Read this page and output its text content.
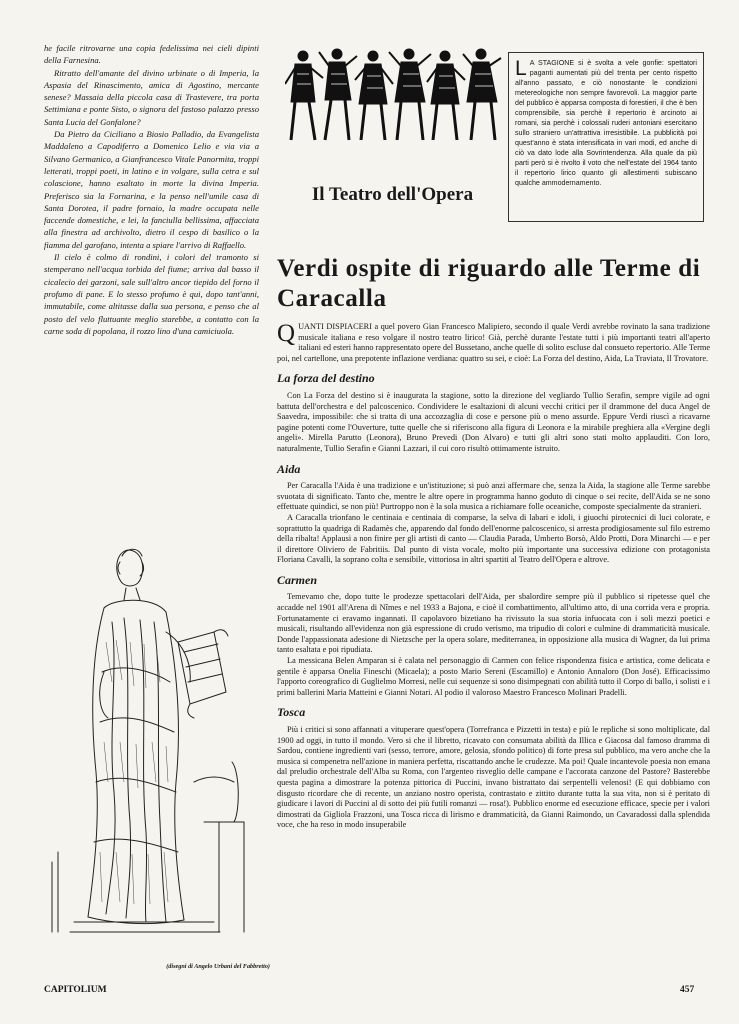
he facile ritrovarne una copia fedelissima nei cieli dipinti della Farnesina.

Ritratto dell'amante del divino urbinate o di Imperia, la Aspasia del Rinascimento, amica di Agostino, mercante senese? Massaia della piccola casa di Trastevere, tra porta Settimiana e ponte Sisto, o signora del fastoso palazzo presso Santa Lucia del Gonfalone?

Da Pietro da Ciciliano a Biosio Palladio, da Evangelista Maddaleno a Capodiferro a Domenico Lelio e via via a Silvano Germanico, a Gianfrancesco Vitale Panormita, troppi letterati, troppi poeti, in latino e in volgare, sulla cetra e sul colascione, hanno esaltato in morte la divina Imperia. Preferisco sia la Fornarina, e la penso nell'umile casa di Santa Dorotea, il padre fornaio, la madre occupata nelle faccende domestiche, e lei, la fanciulla bellissima, affacciata alla finestra ad archivolto, dietro il cespo di basilico o la fiamma del garofano, intenta a spiare l'arrivo di Raffaello.

Il cielo è colmo di rondini, i colori del tramonto si stemperano nell'acqua torbida del fiume; arriva dal basso il cicalecio dei garzoni, sale sull'altro ancor tiepido del forno il profumo di pane. E lo stesso profumo è qui, dopo tant'anni, immutabile, come altitasse dalla sua persona, e penso che al posto del velo fluttuante meglio starebbe, a contatto con la carne soda di popolana, il rozzo lino d'una camiciuola.

(disegni di Angelo Urbani del Fabbretto)
L A STAGIONE si è svolta a vele gonfie: spettatori paganti aumentati più del trenta per cento rispetto all'anno passato, e ciò nonostante le condizioni metereologiche non sempre favorevoli. La maggior parte del pubblico è apparsa composta di forestieri, il che è ben comprensibile, sia perchè il repertorio è arcinoto ai romani, sia perchè i colossali ruderi antoniani esercitano sullo straniero un'attrattiva irresistibile. La pubblicità poi quest'anno è stata intensificata in vari modi, ed anche di ciò va dato lode alla Sovrintendenza. Alla quale da più parti però si è rivolto il voto che nell'estate del 1964 tanto il repertorio lirico quanto gli allestimenti subiscano qualche ammodernamento.
Il Teatro dell'Opera
Verdi ospite di riguardo alle Terme di Caracalla

QUANTI DISPIACERI a quel povero Gian Francesco Malipiero, secondo il quale Verdi avrebbe rovinato la sana tradizione musicale italiana e reso volgare il nostro teatro lirico! Già, perchè durante l'estate tutti i più importanti teatri all'aperto italiani ed esteri hanno rappresentato opere del Bussetano, anche quelle di solito escluse dal consueto repertorio. Alle Terme poi, nel cartellone, una prepotente inflazione verdiana: quattro su sei, e cioè: La Forza del destino, Aida, La Traviata, Il Trovatore.

La forza del destino

Con La Forza del destino si è inaugurata la stagione, sotto la direzione del vegliardo Tullio Serafin, sempre vigile ad ogni battuta dell'orchestra e del palcoscenico. Condividere le esaltazioni di alcuni vecchi critici per il drammone del duca Angel de Saavedra, impossibile: che si tratta di una accozzaglia di cose e persone più o meno assurde. Eppure Verdi riuscì a ricavarne pagine potenti come l'Ouverture, tutte quelle che si riferiscono alla figura di Leonora e la mirabile preghiera alla «Vergine degli angeli». Mirella Parutto (Leonora), Bruno Prevedi (Don Alvaro) e tutti gli altri sono stati molto applauditi. Con loro, naturalmente, Tullio Serafin e Gianni Lazzari, il cui coro risultò ottimamente istruito.

Aida

Per Caracalla l'Aida è una tradizione e un'istituzione; si può anzi affermare che, senza la Aida, la stagione alle Terme sarebbe svuotata di significato. Tanto che, mentre le altre opere in programma hanno goduto di cinque o sei recite, dell'Aida se ne sono effettuate quindici, se non più! Purtroppo non è la sola musica a richiamare folle oceaniche, composte specialmente da stranieri.

A Caracalla trionfano le centinaia e centinaia di comparse, la selva di labari e idoli, i giuochi pirotecnici di luci colorate, e soprattutto la quadriga di Radamès che, apparendo dal fondo dell'enorme palcoscenico, si arresta prodigiosamente sul filo estremo della ribalta! Applausi a non finire per gli artisti di canto — Claudia Parada, Umberto Borsò, Aldo Protti, Dora Minarchi — e per il direttore Oliviero de Fabritiis. Dal punto di vista vocale, molto più importante una successiva edizione con protagonista Floriana Cavalli, la soprano colta e sensibile, vittoriosa in altri spartiti al Teatro dell'Opera e altrove.

Carmen

Temevamo che, dopo tutte le prodezze spettacolari dell'Aida, per sbalordire sempre più il pubblico si ripetesse quel che accadde nel 1901 all'Arena di Nîmes e nel 1933 a Bajona, e cioè il combattimento, all'ultimo atto, di una corrida vera e propria. Fortunatamente ci eravamo ingannati. Il capolavoro bizetiano ha rivissuto la sua storia infuocata con i soli mezzi poetici e musicali, risultando all'evidenza non già espressione di crudo verismo, ma tripudio di colori e culmine di drammaticità musicale. Donde l'appassionata adesione di Nietzsche per la opera solare, mediterranea, in opposizione alla musica di Wagner, da lui prima tanto esaltata e poi ripudiata.

La messicana Belen Amparan si è calata nel personaggio di Carmen con felice rispondenza fisica e artistica, come delicata e gentile è apparsa Onelia Fineschi (Micaela); a posto Mario Sereni (Escamillo) e Antonio Annaloro (Don José). Efficacissimo l'apporto coreografico di Guglielmo Morresi, nelle cui sequenze si sono disimpegnati con abilità tutto il Corpo di ballo, i solisti e i primi ballerini Maria Matteini e Gianni Notari. Al podio il valoroso Maestro Francesco Molinari Pradelli.

Tosca

Più i critici si sono affannati a vituperare quest'opera (Torrefranca e Pizzetti in testa) e più le repliche si sono moltiplicate, dal 1900 ad oggi, in tutto il mondo. Vero si che il libretto, ricavato con consumata abilità da Illica e Giacosa dal famoso dramma di Sardou, contiene ingredienti vari (sesso, terrore, amore, gelosia, sfondo politico) di forte presa sul pubblico, ma vero anche che la musica si compenetra nell'azione in maniera perfetta, riscattando anche le crudezze. Ma poi! Quale incantevole poesia non emana dal preludio orchestrale dell'Alba su Roma, con l'argenteo risveglio delle campane e l'accorata canzone del Pastore? Basterebbe questa pagina a dimostrare la potenza pittorica di Puccini, invano bistrattato dai serpentelli velenosi! (E qui dobbiamo con disgusto ricordare che di recente, un anziano nostro operista, contrastato e zittito durante tutta la sua vita, non si è peritato di giudicare i lavori di Puccini al di sotto dei più futili romanzi — rosa!). Pubblico enorme ed esecuzione efficace, specie per i valori dimostrati da Gigliola Frazzoni, una Tosca ricca di lirismo e drammaticità, da Gianni Raimondo, un Cavaradossi dalla splendida voce, che ha reso in modo insuperabile

CAPITOLIUM	457
